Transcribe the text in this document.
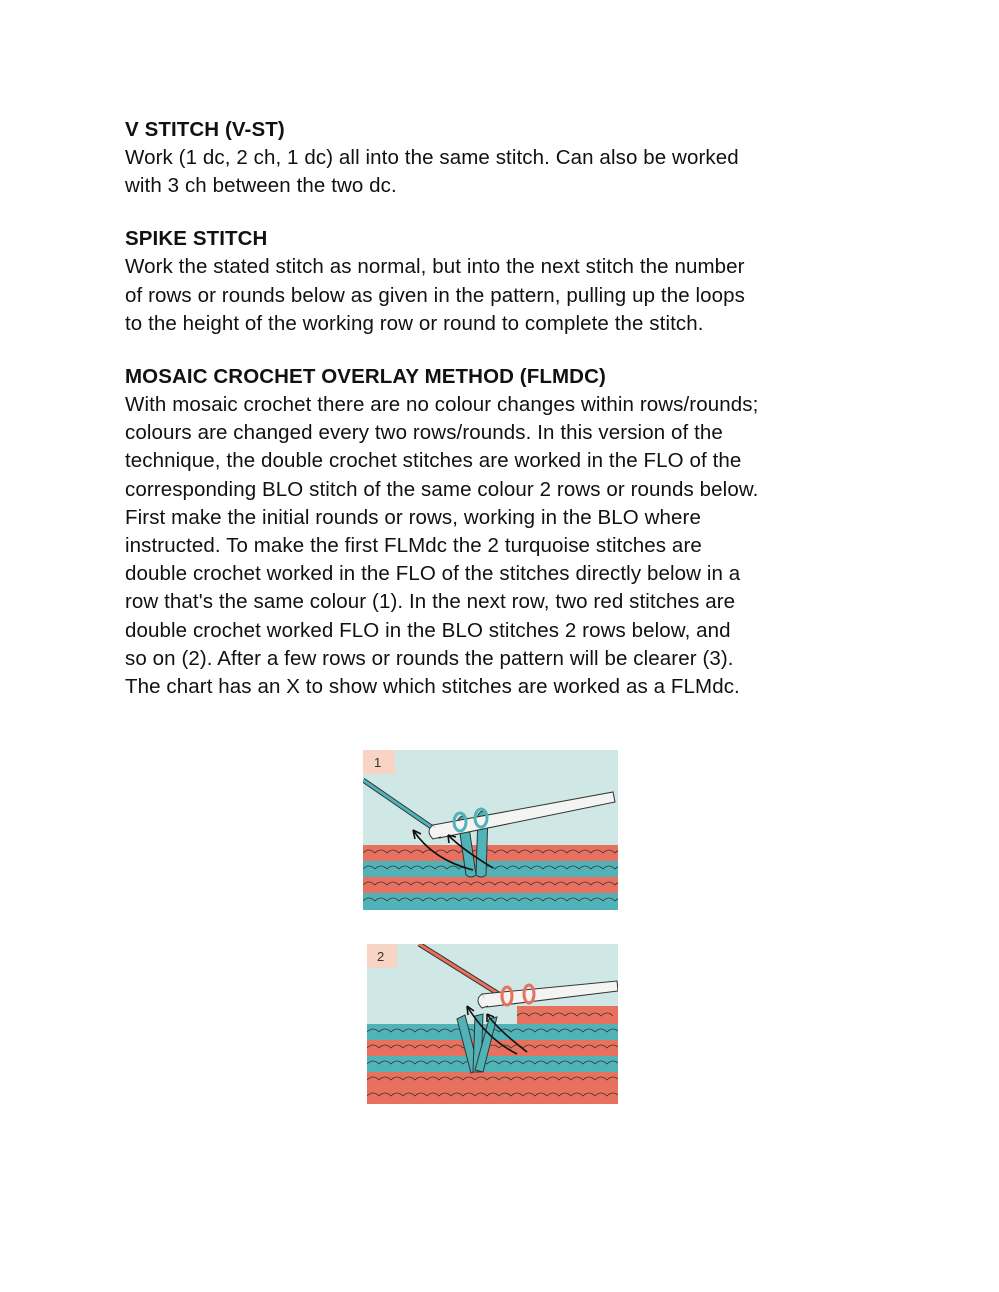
V STITCH (V-ST)

Work (1 dc, 2 ch, 1 dc) all into the same stitch. Can also be worked

with 3 ch between the two dc.

SPIKE STITCH

Work the stated stitch as normal, but into the next stitch the number

of rows or rounds below as given in the pattern, pulling up the loops

to the height of the working row or round to complete the stitch.

MOSAIC CROCHET OVERLAY METHOD (FLMDC)

With mosaic crochet there are no colour changes within rows/rounds;

colours are changed every two rows/rounds. In this version of the

technique, the double crochet stitches are worked in the FLO of the

corresponding BLO stitch of the same colour 2 rows or rounds below.

First make the initial rounds or rows, working in the BLO where

instructed. To make the first FLMdc the 2 turquoise stitches are

double crochet worked in the FLO of the stitches directly below in a

row that's the same colour (1). In the next row, two red stitches are

double crochet worked FLO in the BLO stitches 2 rows below, and

so on (2). After a few rows or rounds the pattern will be clearer (3).

The chart has an X to show which stitches are worked as a FLMdc.

1
2
